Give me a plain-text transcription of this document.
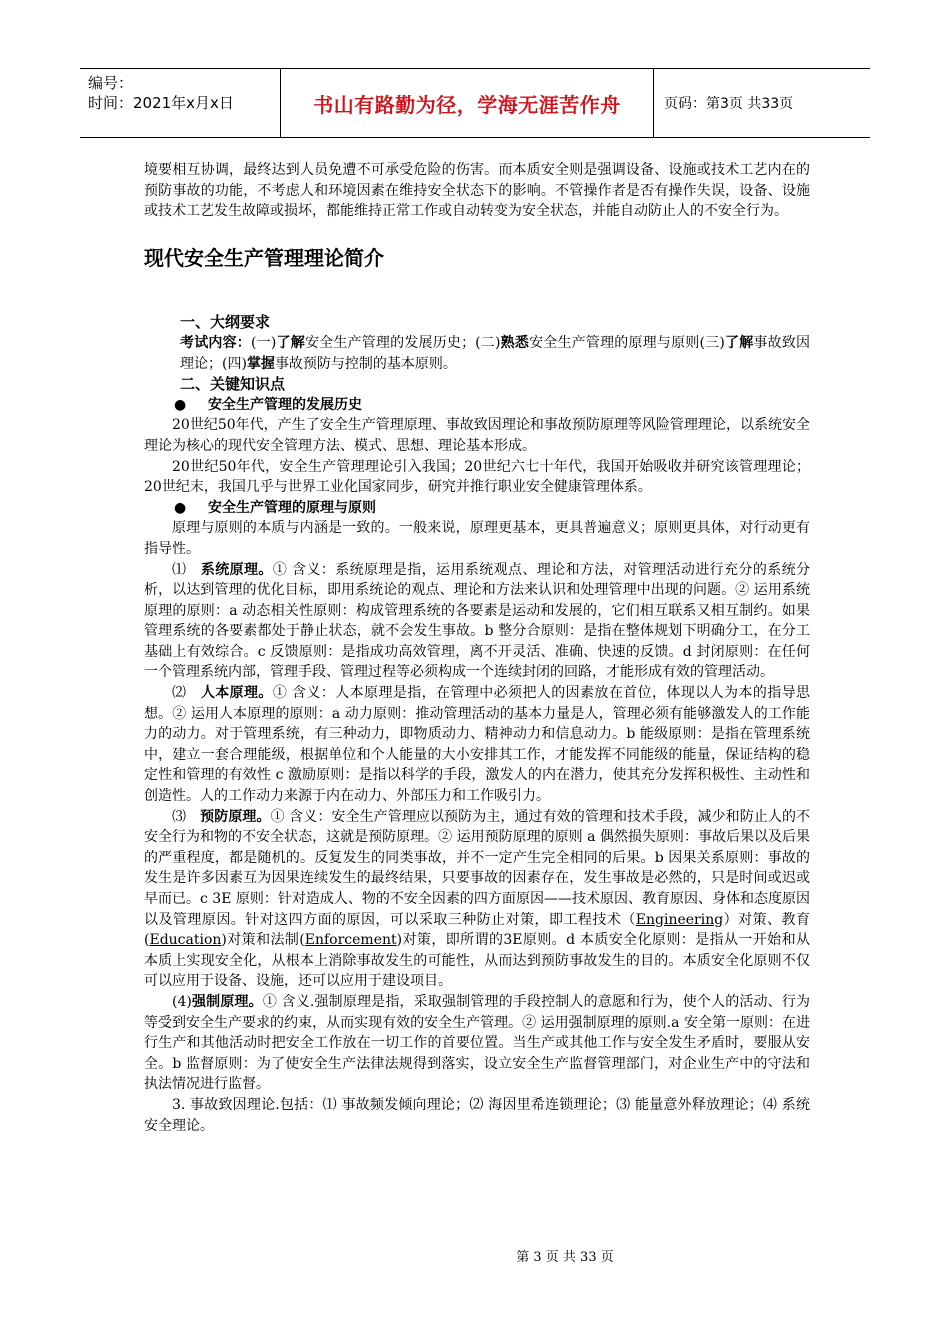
编号：
时间：2021年x月x日	书山有路勤为径，学海无涯苦作舟	页码：第3页 共33页

境要相互协调，最终达到人员免遭不可承受危险的伤害。而本质安全则是强调设备、设施或技术工艺内在的预防事故的功能，不考虑人和环境因素在维持安全状态下的影响。不管操作者是否有操作失误，设备、设施或技术工艺发生故障或损坏，都能维持正常工作或自动转变为安全状态，并能自动防止人的不安全行为。

现代安全生产管理理论简介

一、大纲要求

考试内容：(一)了解安全生产管理的发展历史；(二)熟悉安全生产管理的原理与原则(三)了解事故致因理论；(四)掌握事故预防与控制的基本原则。

二、关键知识点

● 安全生产管理的发展历史

20世纪50年代，产生了安全生产管理原理、事故致因理论和事故预防原理等风险管理理论，以系统安全理论为核心的现代安全管理方法、模式、思想、理论基本形成。

20世纪50年代，安全生产管理理论引入我国；20世纪六七十年代，我国开始吸收并研究该管理理论；20世纪末，我国几乎与世界工业化国家同步，研究并推行职业安全健康管理体系。

● 安全生产管理的原理与原则

原理与原则的本质与内涵是一致的。一般来说，原理更基本，更具普遍意义；原则更具体，对行动更有指导性。

⑴　系统原理。① 含义：系统原理是指，运用系统观点、理论和方法，对管理活动进行充分的系统分析，以达到管理的优化目标，即用系统论的观点、理论和方法来认识和处理管理中出现的问题。② 运用系统原理的原则：a 动态相关性原则：构成管理系统的各要素是运动和发展的，它们相互联系又相互制约。如果管理系统的各要素都处于静止状态，就不会发生事故。b 整分合原则：是指在整体规划下明确分工，在分工基础上有效综合。c 反馈原则：是指成功高效管理，离不开灵活、准确、快速的反馈。d 封闭原则：在任何一个管理系统内部，管理手段、管理过程等必须构成一个连续封闭的回路，才能形成有效的管理活动。

⑵　人本原理。① 含义：人本原理是指，在管理中必须把人的因素放在首位，体现以人为本的指导思想。② 运用人本原理的原则：a 动力原则：推动管理活动的基本力量是人，管理必须有能够激发人的工作能力的动力。对于管理系统，有三种动力，即物质动力、精神动力和信息动力。b 能级原则：是指在管理系统中，建立一套合理能级，根据单位和个人能量的大小安排其工作，才能发挥不同能级的能量，保证结构的稳定性和管理的有效性 c 激励原则：是指以科学的手段，激发人的内在潜力，使其充分发挥积极性、主动性和创造性。人的工作动力来源于内在动力、外部压力和工作吸引力。

⑶　预防原理。① 含义：安全生产管理应以预防为主，通过有效的管理和技术手段，减少和防止人的不安全行为和物的不安全状态，这就是预防原理。② 运用预防原理的原则 a 偶然损失原则：事故后果以及后果的严重程度，都是随机的。反复发生的同类事故，并不一定产生完全相同的后果。b 因果关系原则：事故的发生是许多因素互为因果连续发生的最终结果，只要事故的因素存在，发生事故是必然的，只是时间或迟或早而已。c 3E 原则：针对造成人、物的不安全因素的四方面原因——技术原因、教育原因、身体和态度原因以及管理原因。针对这四方面的原因，可以采取三种防止对策，即工程技术（Engineering）对策、教育(Education)对策和法制(Enforcement)对策，即所谓的3E原则。d 本质安全化原则：是指从一开始和从本质上实现安全化，从根本上消除事故发生的可能性，从而达到预防事故发生的目的。本质安全化原则不仅可以应用于设备、设施，还可以应用于建设项目。

(4)强制原理。① 含义.强制原理是指，采取强制管理的手段控制人的意愿和行为，使个人的活动、行为等受到安全生产要求的约束，从而实现有效的安全生产管理。② 运用强制原理的原则.a 安全第一原则：在进行生产和其他活动时把安全工作放在一切工作的首要位置。当生产或其他工作与安全发生矛盾时，要服从安全。b 监督原则：为了使安全生产法律法规得到落实，设立安全生产监督管理部门，对企业生产中的守法和执法情况进行监督。

3. 事故致因理论.包括：⑴ 事故频发倾向理论；⑵ 海因里希连锁理论；⑶ 能量意外释放理论；⑷ 系统安全理论。

第 3 页 共 33 页
